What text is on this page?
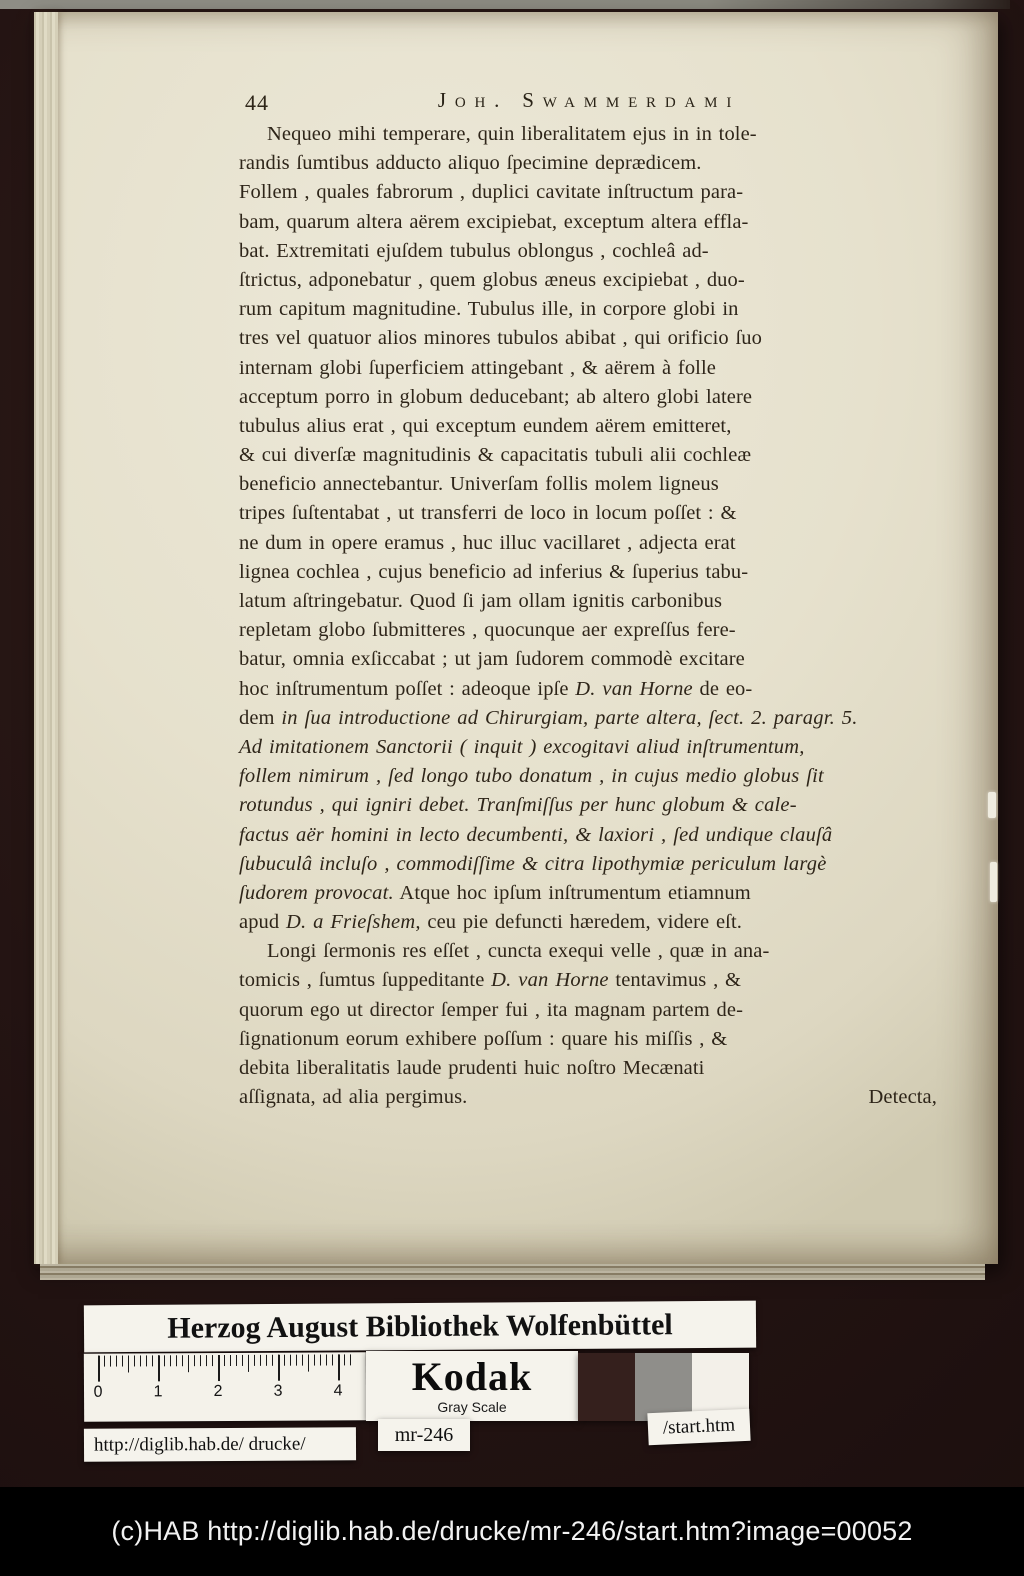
44	Joh. Swammerdami
Nequeo mihi temperare, quin liberalitatem ejus in in tole-
randis ſumtibus adducto aliquo ſpecimine deprædicem.
Follem , quales fabrorum , duplici cavitate inſtructum para-
bam, quarum altera aërem excipiebat, exceptum altera effla-
bat. Extremitati ejuſdem tubulus oblongus , cochleâ ad-
ſtrictus, adponebatur , quem globus æneus excipiebat , duo-
rum capitum magnitudine. Tubulus ille, in corpore globi in
tres vel quatuor alios minores tubulos abibat , qui orificio ſuo
internam globi ſuperficiem attingebant , & aërem à folle
acceptum porro in globum deducebant; ab altero globi latere
tubulus alius erat , qui exceptum eundem aërem emitteret,
& cui diverſæ magnitudinis & capacitatis tubuli alii cochleæ
beneficio annectebantur. Univerſam follis molem ligneus
tripes ſuſtentabat , ut transferri de loco in locum poſſet : &
ne dum in opere eramus , huc illuc vacillaret , adjecta erat
lignea cochlea , cujus beneficio ad inferius & ſuperius tabu-
latum aſtringebatur. Quod ſi jam ollam ignitis carbonibus
repletam globo ſubmitteres , quocunque aer expreſſus fere-
batur, omnia exſiccabat ; ut jam ſudorem commodè excitare
hoc inſtrumentum poſſet : adeoque ipſe D. van Horne de eo-
dem in ſua introductione ad Chirurgiam, parte altera, ſect. 2. paragr. 5.
Ad imitationem Sanctorii ( inquit ) excogitavi aliud inſtrumentum,
follem nimirum , ſed longo tubo donatum , in cujus medio globus ſit
rotundus , qui igniri debet. Tranſmiſſus per hunc globum & cale-
factus aër homini in lecto decumbenti, & laxiori , ſed undique clauſâ
ſubuculâ incluſo , commodiſſime & citra lipothymiæ periculum largè
ſudorem provocat. Atque hoc ipſum inſtrumentum etiamnum
apud D. a Frieſshem, ceu pie defuncti hæredem, videre eſt.
Longi ſermonis res eſſet , cuncta exequi velle , quæ in ana-
tomicis , ſumtus ſuppeditante D. van Horne tentavimus , &
quorum ego ut director ſemper fui , ita magnam partem de-
ſignationum eorum exhibere poſſum : quare his miſſis , &
debita liberalitatis laude prudenti huic noſtro Mecænati
aſſignata, ad alia pergimus.	Detecta,
Herzog August Bibliothek Wolfenbüttel
0	1	2	3	4 Kodak
Gray Scale
http://diglib.hab.de/ drucke/	mr-246	/start.htm
(c)HAB http://diglib.hab.de/drucke/mr-246/start.htm?image=00052
